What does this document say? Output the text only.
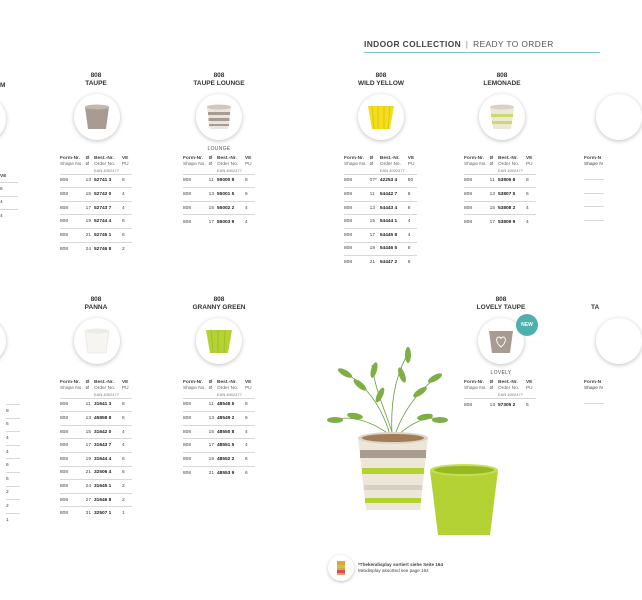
INDOOR COLLECTION | READY TO ORDER
M
VE
6
4
4
808
TAUPE
808
TAUPE LOUNGE
LOUNGE
808
WILD YELLOW
808
LEMONADE
Form-N
Shape N
Form-Nr.	Ø	Best.-Nr.	VE
Shape No.	Ø	Order No.	PU
		EAN 4002477	
808	13	52741 3	6
808	15	52742 0	4
808	17	52743 7	4
808	19	52744 4	6
808	21	52745 1	6
808	24	52746 8	2
Form-Nr.	Ø	Best.-Nr.	VE
Shape No.	Ø	Order No.	PU
		EAN 4002477	
808	11	55000 8	8
808	13	55001 5	6
808	15	55002 2	4
808	17	55003 9	4
Form-Nr.	Ø	Best.-Nr.	VE
Shape No.	Ø	Order No.	PU
		EAN 4002477	
808	07*	42253 4	80
808	11	54442 7	8
808	13	54443 4	6
808	15	54444 1	4
808	17	54445 8	4
808	19	54446 5	6
808	21	54447 2	6
Form-Nr.	Ø	Best.-Nr.	VE
Shape No.	Ø	Order No.	PU
		EAN 4002477	
808	11	53806 8	8
808	13	53807 5	6
808	15	53808 2	4
808	17	53809 9	4
8
6
4
4
6
6
2
2
1
808
PANNA
808
GRANNY GREEN
808
LOVELY TAUPE
NEW
LOVELY
TA
Form-N
Shape N
Form-Nr.	Ø	Best.-Nr.	VE
Shape No.	Ø	Order No.	PU
		EAN 4002477	
808	11	31641 3	8
808	13	45858 8	6
808	15	31642 0	4
808	17	31643 7	4
808	19	31644 4	6
808	21	32506 4	6
808	24	31645 1	2
808	27	31646 8	2
808	31	32507 1	1
Form-Nr.	Ø	Best.-Nr.	VE
Shape No.	Ø	Order No.	PU
		EAN 4002477	
808	11	48548 5	8
808	13	48549 2	6
808	15	48550 8	4
808	17	48551 5	4
808	19	48552 2	6
808	21	48553 9	6
Form-Nr.	Ø	Best.-Nr.	VE
Shape No.	Ø	Order No.	PU
		EAN 4002477	
808	13	57305 2	6
*Thekendisplay sortiert siehe Seite 164
Minidisplay assorted see page 164
